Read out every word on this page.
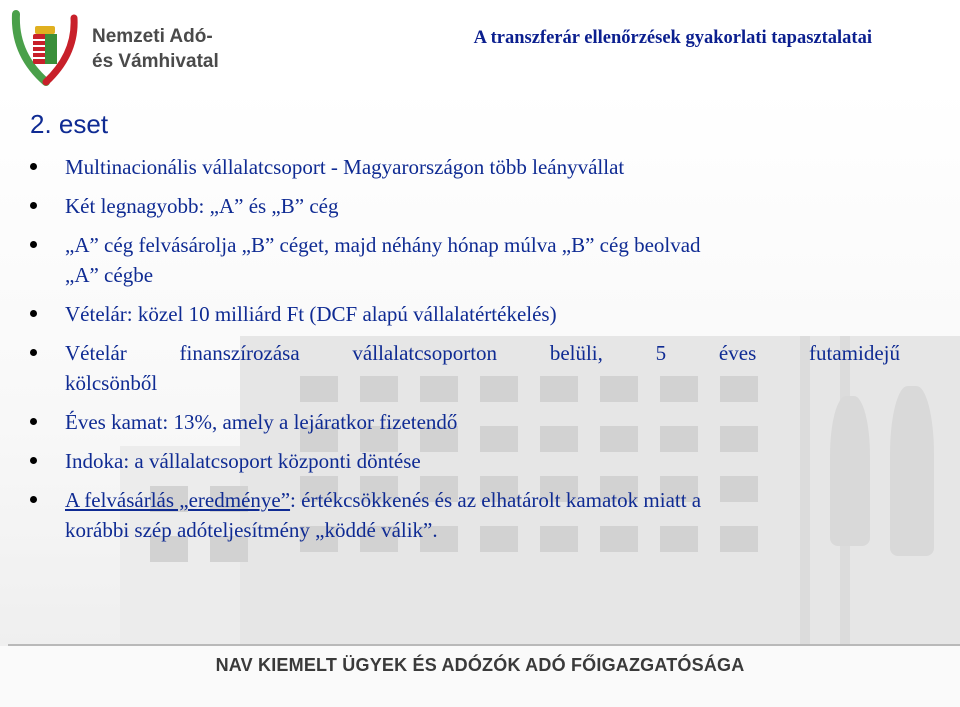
Nemzeti Adó-
és Vámhivatal
A transzferár ellenőrzések gyakorlati tapasztalatai
2. eset
Multinacionális vállalatcsoport - Magyarországon több leányvállat
Két legnagyobb: „A” és „B” cég
„A” cég felvásárolja „B” céget, majd néhány hónap múlva „B” cég beolvad
„A” cégbe
Vételár: közel 10 milliárd Ft (DCF alapú vállalatértékelés)
Vételár finanszírozása vállalatcsoporton belüli, 5 éves futamidejű
kölcsönből
Éves kamat: 13%, amely a lejáratkor fizetendő
Indoka: a vállalatcsoport központi döntése
A felvásárlás „eredménye”: értékcsökkenés és az elhatárolt kamatok miatt a
korábbi szép adóteljesítmény „köddé válik”.
NAV KIEMELT ÜGYEK ÉS ADÓZÓK ADÓ FŐIGAZGATÓSÁGA
